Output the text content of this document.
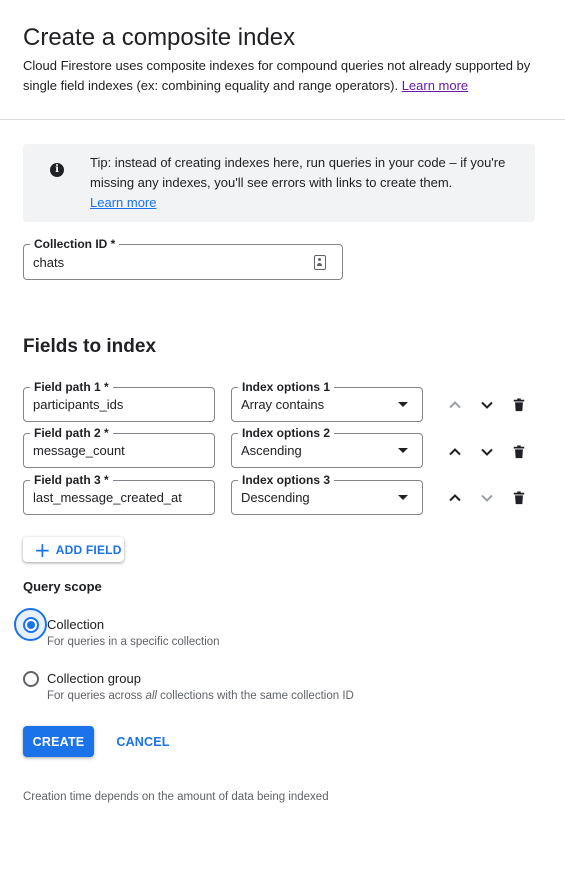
Create a composite index
Cloud Firestore uses composite indexes for compound queries not already supported by single field indexes (ex: combining equality and range operators). Learn more
i	Tip: instead of creating indexes here, run queries in your code – if you're missing any indexes, you'll see errors with links to create them.
Learn more
Collection ID *
chats
Fields to index
Field path 1 *
participants_ids
Index options 1
Array contains
Field path 2 *
message_count
Index options 2
Ascending
Field path 3 *
last_message_created_at
Index options 3
Descending
+ ADD FIELD
Query scope
Collection
For queries in a specific collection
Collection group
For queries across all collections with the same collection ID
CREATE	CANCEL
Creation time depends on the amount of data being indexed
